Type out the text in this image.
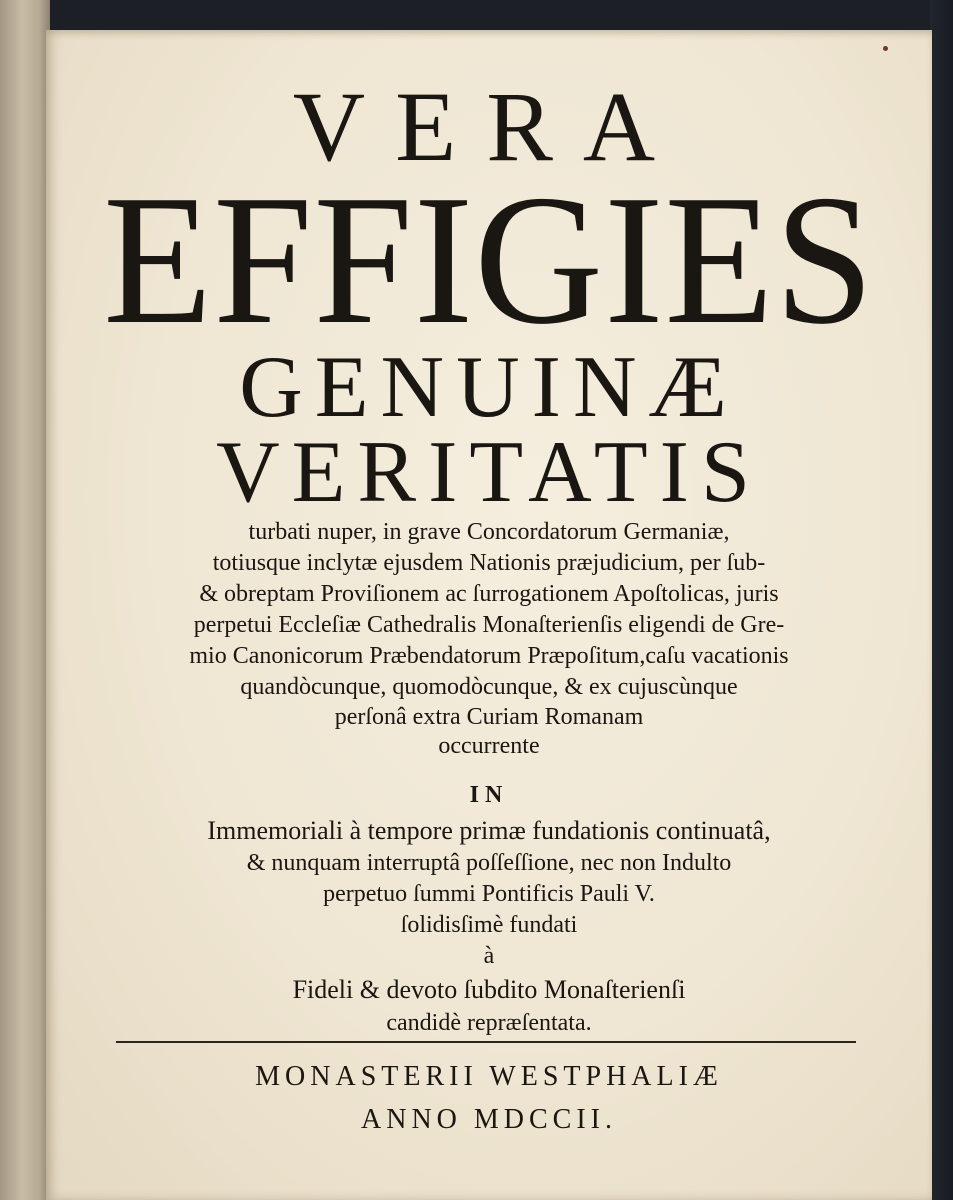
VERA
EFFIGIES
GENUINÆ
VERITATIS
turbati nuper, in grave Concordatorum Germaniæ,
totiusque inclytæ ejusdem Nationis præjudicium, per ſub-
& obreptam Proviſionem ac ſurrogationem Apoſtolicas, juris
perpetui Eccleſiæ Cathedralis Monaſterienſis eligendi de Gre-
mio Canonicorum Præbendatorum Præpoſitum,caſu vacationis
quandòcunque, quomodòcunque, & ex cujuscùnque
perſonâ extra Curiam Romanam
occurrente
IN
Immemoriali à tempore primæ fundationis continuatâ,
& nunquam interruptâ poſſeſſione, nec non Indulto
perpetuo ſummi Pontificis Pauli V.
ſolidisſimè fundati
à
Fideli & devoto ſubdito Monaſterienſi
candidè repræſentata.
MONASTERII WESTPHALIÆ
ANNO MDCCII.
